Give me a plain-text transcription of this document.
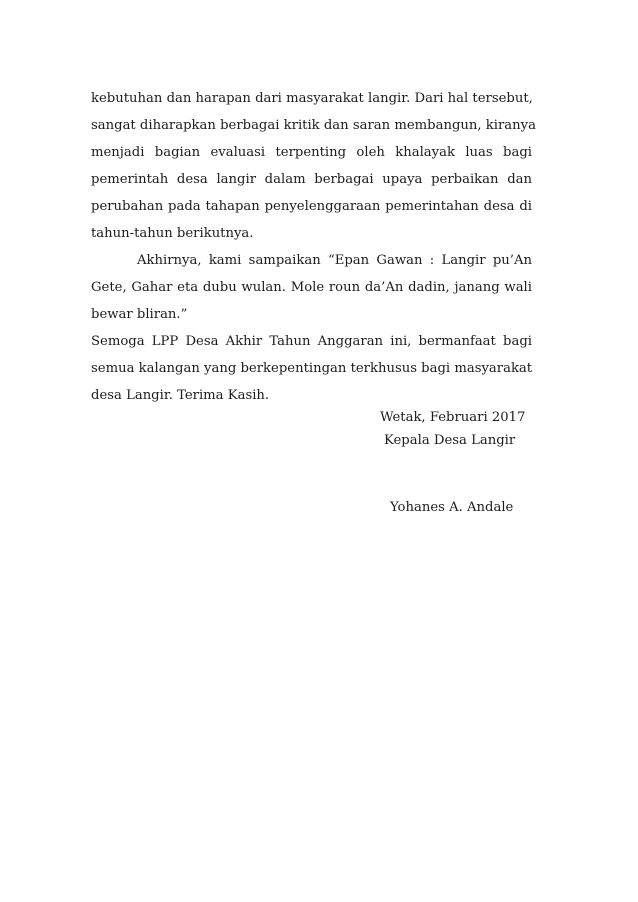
kebutuhan dan harapan dari masyarakat langir. Dari hal tersebut,
sangat diharapkan berbagai kritik dan saran membangun, kiranya
menjadi bagian evaluasi terpenting oleh khalayak luas bagi
pemerintah desa langir dalam berbagai upaya perbaikan dan
perubahan pada tahapan penyelenggaraan pemerintahan desa di
tahun-tahun berikutnya.
Akhirnya, kami sampaikan “Epan Gawan : Langir pu’An
Gete, Gahar eta dubu wulan. Mole roun da’An dadin, janang wali
bewar bliran.”
Semoga LPP Desa Akhir Tahun Anggaran ini, bermanfaat bagi
semua kalangan yang berkepentingan terkhusus bagi masyarakat
desa Langir. Terima Kasih.
Wetak, Februari 2017
Kepala Desa Langir
Yohanes A. Andale
